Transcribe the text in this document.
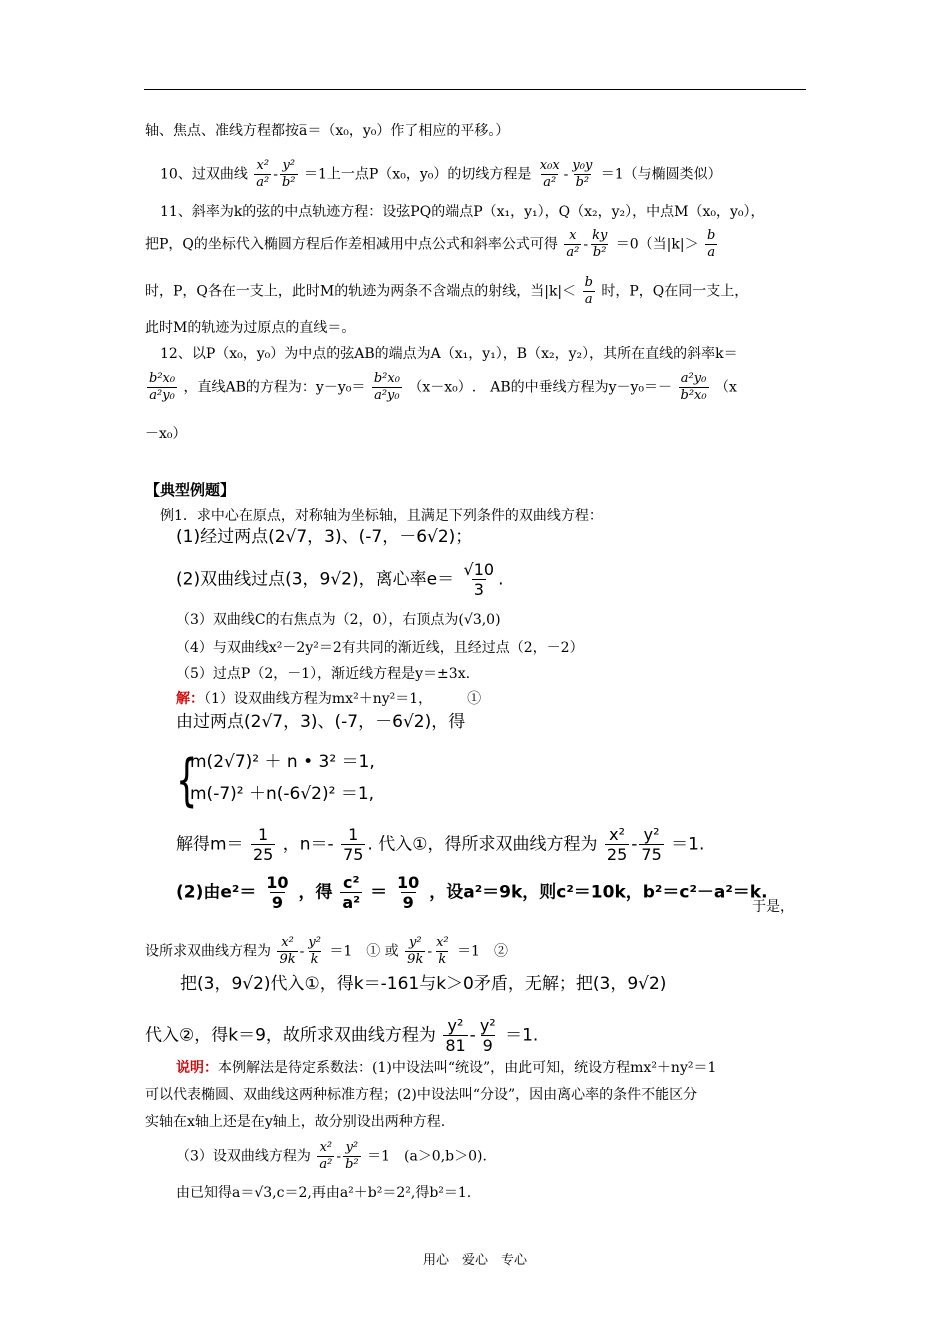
轴、焦点、准线方程都按a̅＝（x₀，y₀）作了相应的平移。）
10、过双曲线 $\frac{\text{x²}}{\text{a²}} - \frac{\text{y²}}{\text{b²}} =1$上一点P（x₀，y₀）的切线方程是 $\frac{\text{x₀x}}{\text{a²}} - \frac{\text{y₀y}}{\text{b²}} =1$（与椭圆类似）
11、斜率为k的弦的中点轨迹方程：设弦PQ的端点P（x₁，y₁），Q（x₂，y₂），中点M（x₀，y₀），
把P，Q的坐标代入椭圆方程后作差相减用中点公式和斜率公式可得 $\frac{x}{\text{a²}} - \frac{ky}{\text{b²}} =0$（当$|k|> \frac{b}{a}$
时，P，Q各在一支上，此时M的轨迹为两条不含端点的射线，当$|k|< \frac{b}{a}$ 时，P，Q在同一支上，
此时M的轨迹为过原点的直线＝。
12、以P（x₀，y₀）为中点的弦AB的端点为A（x₁，y₁），B（x₂，y₂），其所在直线的斜率k＝
$\frac{\text{b²x₀}}{\text{a²y₀}}$ ，直线AB的方程为：$y-y_0= \frac{\text{b²x₀}}{\text{a²y₀}} (x-x_0)$.　AB的中垂线方程为$y-y_0=- \frac{\text{a²y₀}}{\text{b²x₀}} (x$
－x₀）
【典型例题】
例1．求中心在原点，对称轴为坐标轴，且满足下列条件的双曲线方程：
(1)经过两点(2√7，3)、(-7，－6√2)；
(2)双曲线过点(3，9√2)，离心率$e= \frac{√10}{3}$ .
（3）双曲线C的右焦点为（2，0），右顶点为(√3,0)
（4）与双曲线x²－2y²＝2有共同的渐近线，且经过点（2，－2）
（5）过点P（2，－1），渐近线方程是y＝±3x.
解：（1）设双曲线方程为mx²＋ny²＝1，　　　①
由过两点(2√7，3)、(-7，－6√2)，得
{
m(2√7)² ＋ n • 3² ＝1,
m(-7)² ＋n(-6√2)² ＝1,
解得$m= \frac{1}{25}$ ，$n=- \frac{1}{75}$ . 代入①，得所求双曲线方程为 $\frac{\text{x²}}{25} - \frac{\text{y²}}{75} =1$.
(2)由$e^2= \frac{10}{9}$ ，得 $\frac{\text{c²}}{\text{a²}} = \frac{10}{9}$ ，设a²＝9k，则c²＝10k，b²＝c²－a²＝k.
于是，
设所求双曲线方程为 $\frac{\text{x²}}{9k} - \frac{\text{y²}}{k} =1$　① 或 $\frac{\text{y²}}{9k} - \frac{\text{x²}}{k} =1$　②
把(3，9√2)代入①，得k＝-161与k＞0矛盾，无解；把(3，9√2)
代入②，得k＝9，故所求双曲线方程为 $\frac{\text{y²}}{81} - \frac{\text{y²}}{9} =1$.
说明：本例解法是待定系数法：(1)中设法叫“统设”，由此可知，统设方程mx²＋ny²＝1
可以代表椭圆、双曲线这两种标准方程；(2)中设法叫“分设”，因由离心率的条件不能区分
实轴在x轴上还是在y轴上，故分别设出两种方程.
（3）设双曲线方程为 $\frac{\text{x²}}{\text{a²}} - \frac{\text{y²}}{\text{b²}} =1$　(a＞0,b＞0).
由已知得a＝√3,c＝2,再由a²＋b²＝2²,得b²＝1.
用心　爱心　专心
